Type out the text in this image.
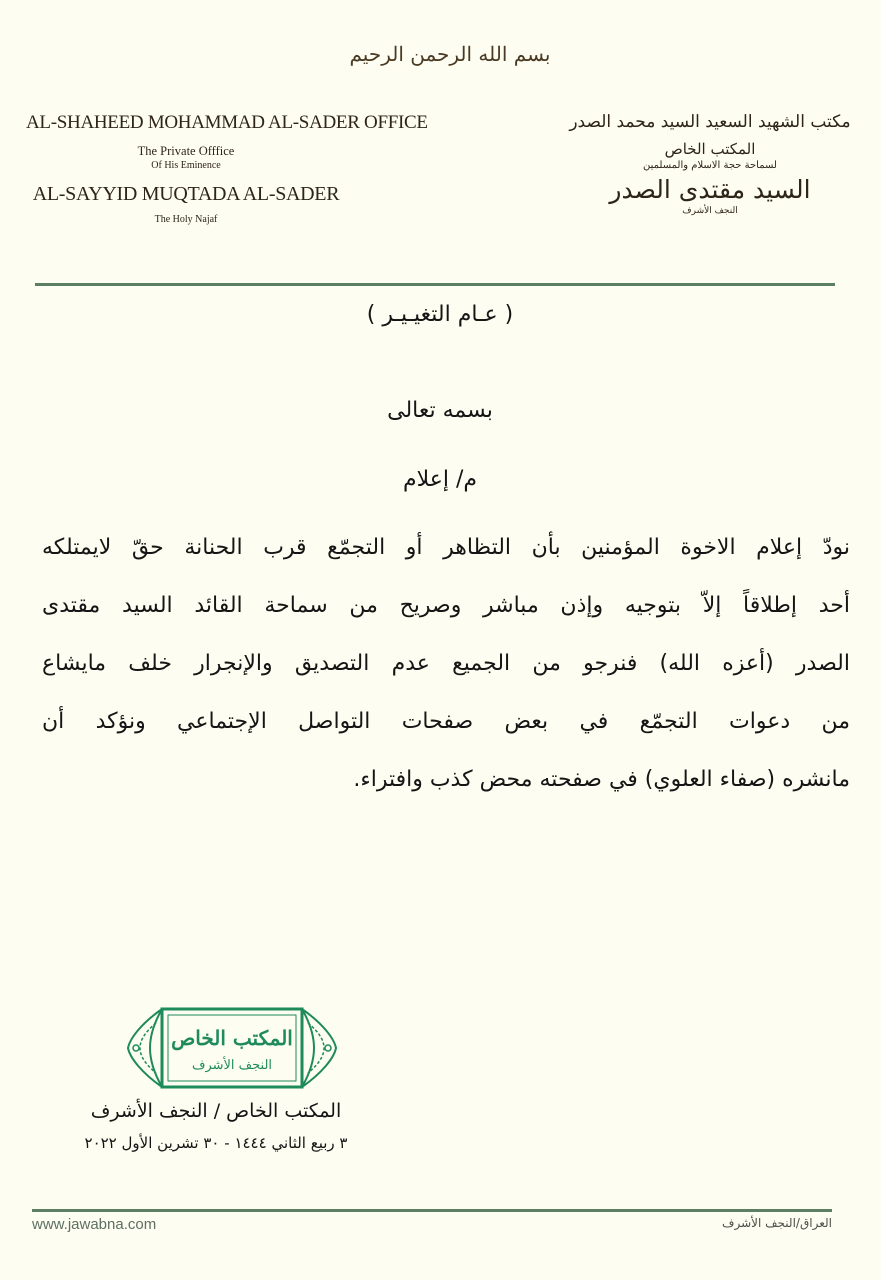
بسم الله الرحمن الرحيم
AL-SHAHEED MOHAMMAD AL-SADER OFFICE
The Private Offfice
Of His Eminence
AL-SAYYID MUQTADA AL-SADER
The Holy Najaf
مكتب الشهيد السعيد السيد محمد الصدر
المكتب الخاص
لسماحة حجة الاسلام والمسلمين
السيد مقتدى الصدر
النجف الأشرف
( عـام التغيـيـر )
بسمه تعالى
م/ إعلام
نودّ إعلام الاخوة المؤمنين بأن التظاهر أو التجمّع قرب الحنانة حقّ لايمتلكه
أحد إطلاقاً إلاّ بتوجيه وإذن مباشر وصريح من سماحة القائد السيد مقتدى
الصدر (أعزه الله) فنرجو من الجميع عدم التصديق والإنجرار خلف مايشاع
من دعوات التجمّع في بعض صفحات التواصل الإجتماعي ونؤكد أن
مانشره (صفاء العلوي) في صفحته محض كذب وافتراء.
المكتب الخاص
النجف الأشرف
المكتب الخاص / النجف الأشرف
٣ ربيع الثاني ١٤٤٤ - ٣٠ تشرين الأول ٢٠٢٢
www.jawabna.com	العراق/النجف الأشرف
